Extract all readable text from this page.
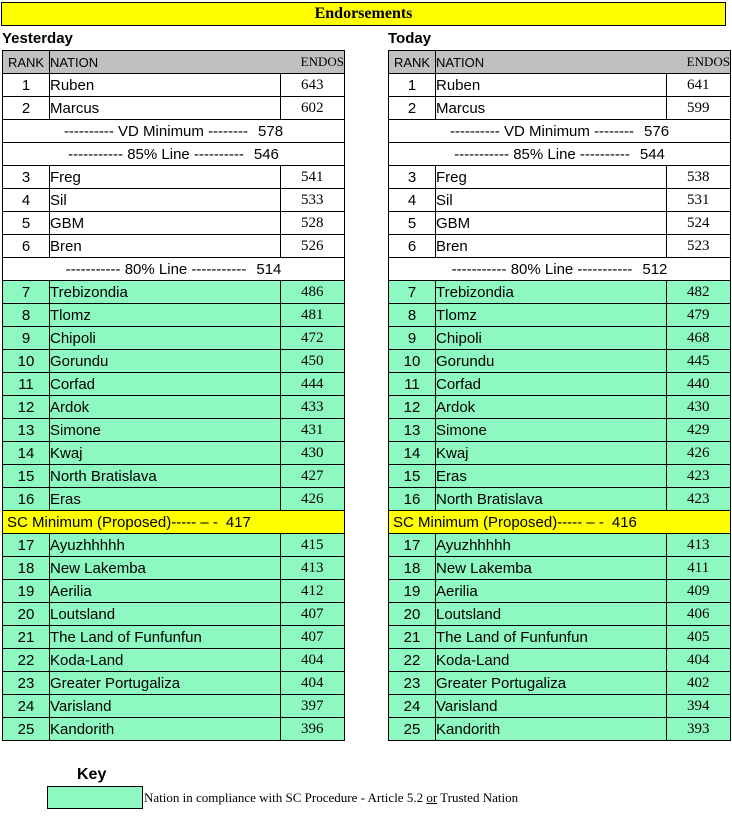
Endorsements
Yesterday
RANK	NATION	ENDOS
1	Ruben	643
2	Marcus	602
---------- VD Minimum -------- 578		
----------- 85% Line ---------- 546		
3	Freg	541
4	Sil	533
5	GBM	528
6	Bren	526
----------- 80% Line ----------- 514		
7	Trebizondia	486
8	Tlomz	481
9	Chipoli	472
10	Gorundu	450
11	Corfad	444
12	Ardok	433
13	Simone	431
14	Kwaj	430
15	North Bratislava	427
16	Eras	426
SC Minimum (Proposed)----- – - 417		
17	Ayuzhhhhh	415
18	New Lakemba	413
19	Aerilia	412
20	Loutsland	407
21	The Land of Funfunfun	407
22	Koda-Land	404
23	Greater Portugaliza	404
24	Varisland	397
25	Kandorith	396
Today
RANK	NATION	ENDOS
1	Ruben	641
2	Marcus	599
---------- VD Minimum -------- 576		
----------- 85% Line ---------- 544		
3	Freg	538
4	Sil	531
5	GBM	524
6	Bren	523
----------- 80% Line ----------- 512		
7	Trebizondia	482
8	Tlomz	479
9	Chipoli	468
10	Gorundu	445
11	Corfad	440
12	Ardok	430
13	Simone	429
14	Kwaj	426
15	Eras	423
16	North Bratislava	423
SC Minimum (Proposed)----- – - 416		
17	Ayuzhhhhh	413
18	New Lakemba	411
19	Aerilia	409
20	Loutsland	406
21	The Land of Funfunfun	405
22	Koda-Land	404
23	Greater Portugaliza	402
24	Varisland	394
25	Kandorith	393
Key
Nation in compliance with SC Procedure - Article 5.2 or Trusted Nation
